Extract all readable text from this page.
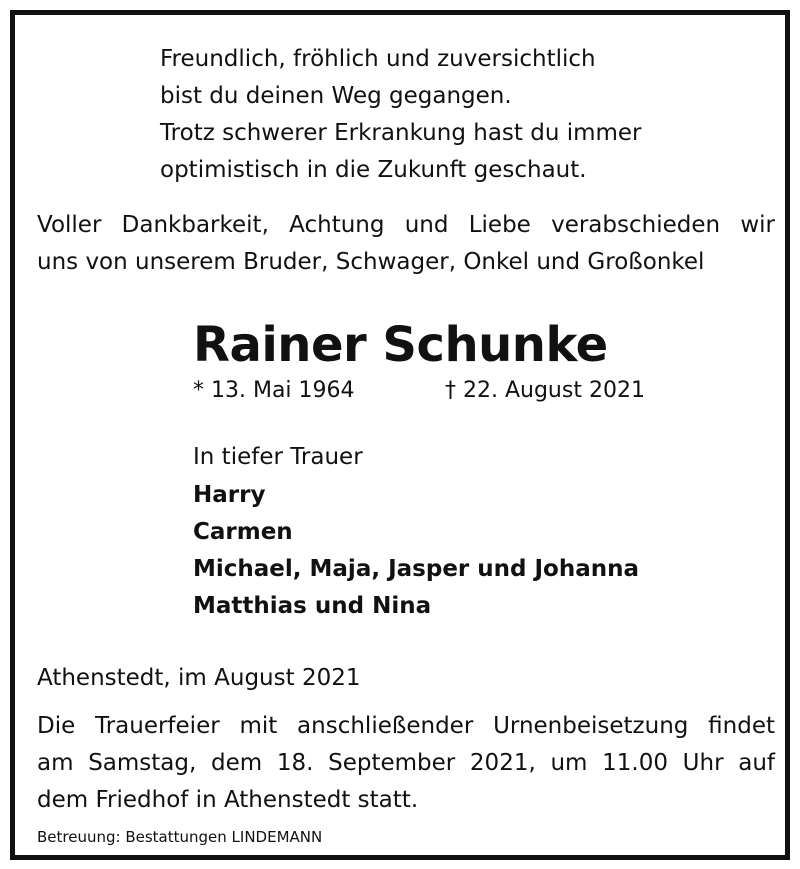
Freundlich, fröhlich und zuversichtlich
bist du deinen Weg gegangen.
Trotz schwerer Erkrankung hast du immer
optimistisch in die Zukunft geschaut.
Voller Dankbarkeit, Achtung und Liebe verabschieden wir
uns von unserem Bruder, Schwager, Onkel und Großonkel
Rainer Schunke
* 13. Mai 1964	† 22. August 2021
In tiefer Trauer
Harry
Carmen
Michael, Maja, Jasper und Johanna
Matthias und Nina
Athenstedt, im August 2021
Die Trauerfeier mit anschließender Urnenbeisetzung findet
am Samstag, dem 18. September 2021, um 11.00 Uhr auf
dem Friedhof in Athenstedt statt.
Betreuung: Bestattungen LINDEMANN
